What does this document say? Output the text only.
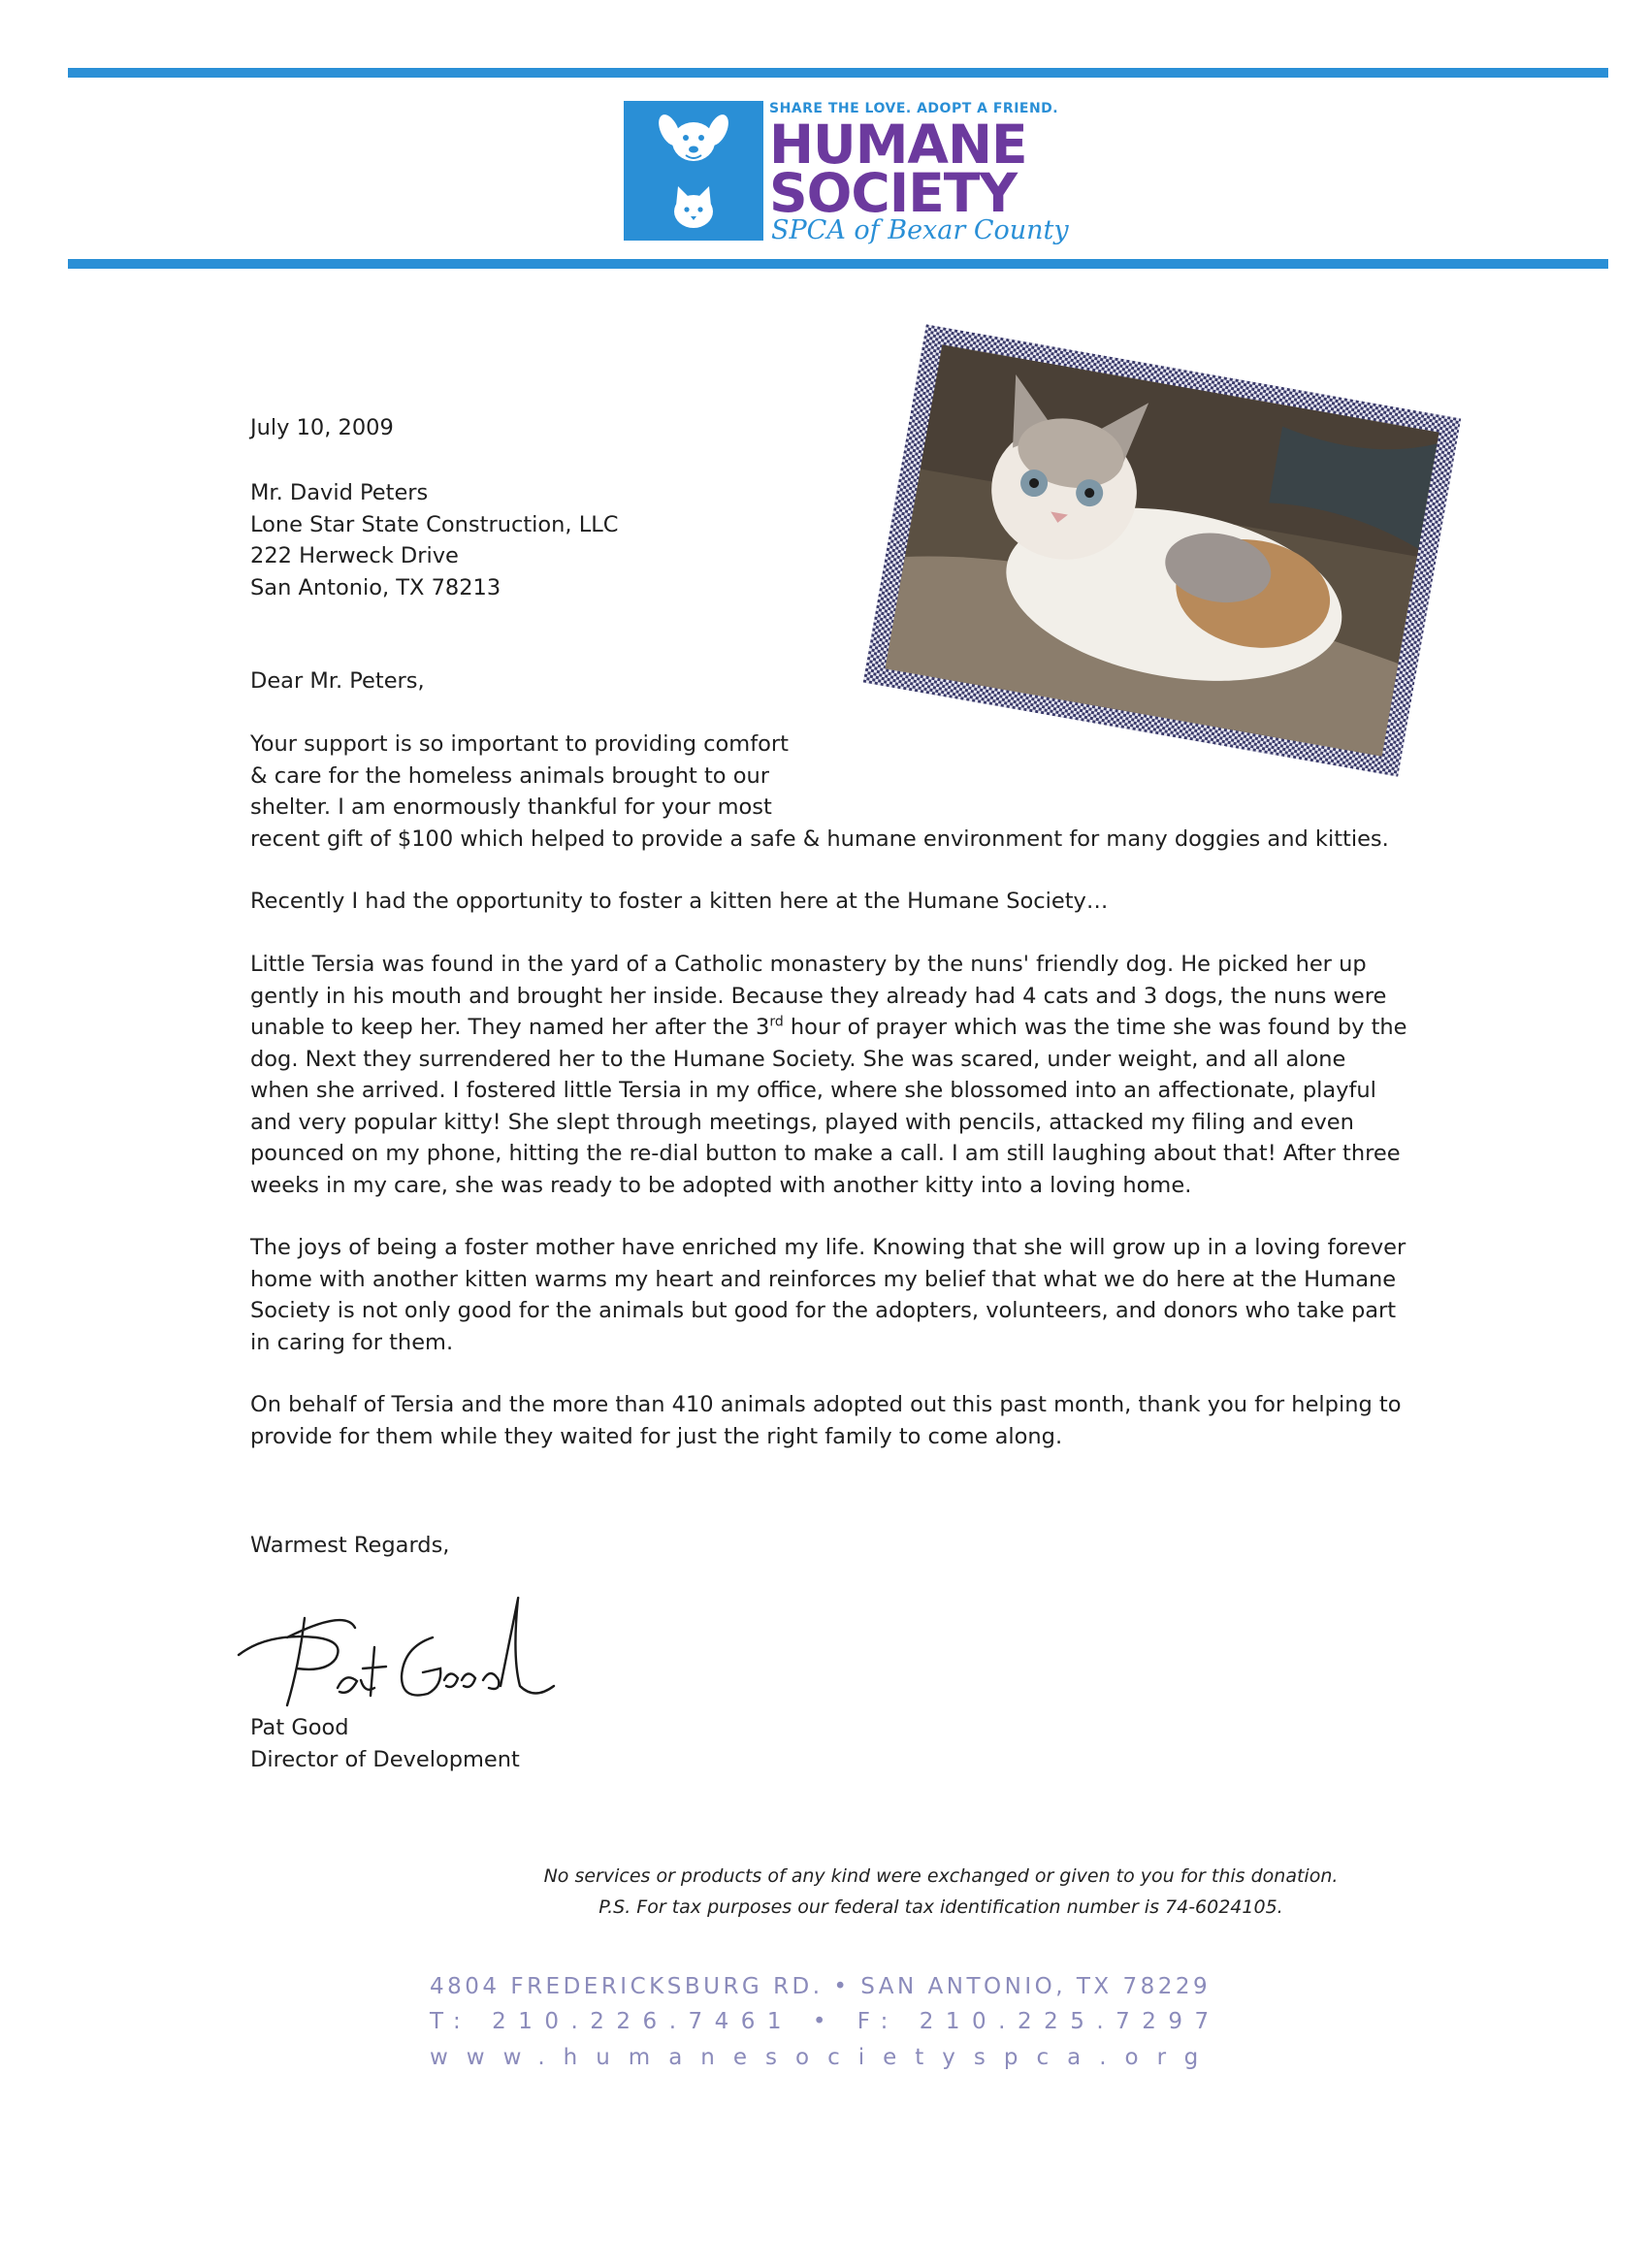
SHARE THE LOVE. ADOPT A FRIEND.
HUMANE
SOCIETY
SPCA of Bexar County
July 10, 2009
Mr. David Peters
Lone Star State Construction, LLC
222 Herweck Drive
San Antonio, TX 78213
Dear Mr. Peters,
Your support is so important to providing comfort
& care for the homeless animals brought to our
shelter. I am enormously thankful for your most
recent gift of $100 which helped to provide a safe & humane environment for many doggies and kitties.
Recently I had the opportunity to foster a kitten here at the Humane Society…
Little Tersia was found in the yard of a Catholic monastery by the nuns' friendly dog. He picked her up
gently in his mouth and brought her inside. Because they already had 4 cats and 3 dogs, the nuns were
unable to keep her. They named her after the 3rd hour of prayer which was the time she was found by the
dog. Next they surrendered her to the Humane Society. She was scared, under weight, and all alone
when she arrived. I fostered little Tersia in my office, where she blossomed into an affectionate, playful
and very popular kitty! She slept through meetings, played with pencils, attacked my filing and even
pounced on my phone, hitting the re-dial button to make a call. I am still laughing about that! After three
weeks in my care, she was ready to be adopted with another kitty into a loving home.
The joys of being a foster mother have enriched my life. Knowing that she will grow up in a loving forever
home with another kitten warms my heart and reinforces my belief that what we do here at the Humane
Society is not only good for the animals but good for the adopters, volunteers, and donors who take part
in caring for them.
On behalf of Tersia and the more than 410 animals adopted out this past month, thank you for helping to
provide for them while they waited for just the right family to come along.
Warmest Regards,
Pat Good
Director of Development
No services or products of any kind were exchanged or given to you for this donation.
P.S. For tax purposes our federal tax identification number is 74-6024105.
4804 FREDERICKSBURG RD. • SAN ANTONIO, TX 78229
T: 210.226.7461 • F: 210.225.7297
www.humanesocietyspca.org
